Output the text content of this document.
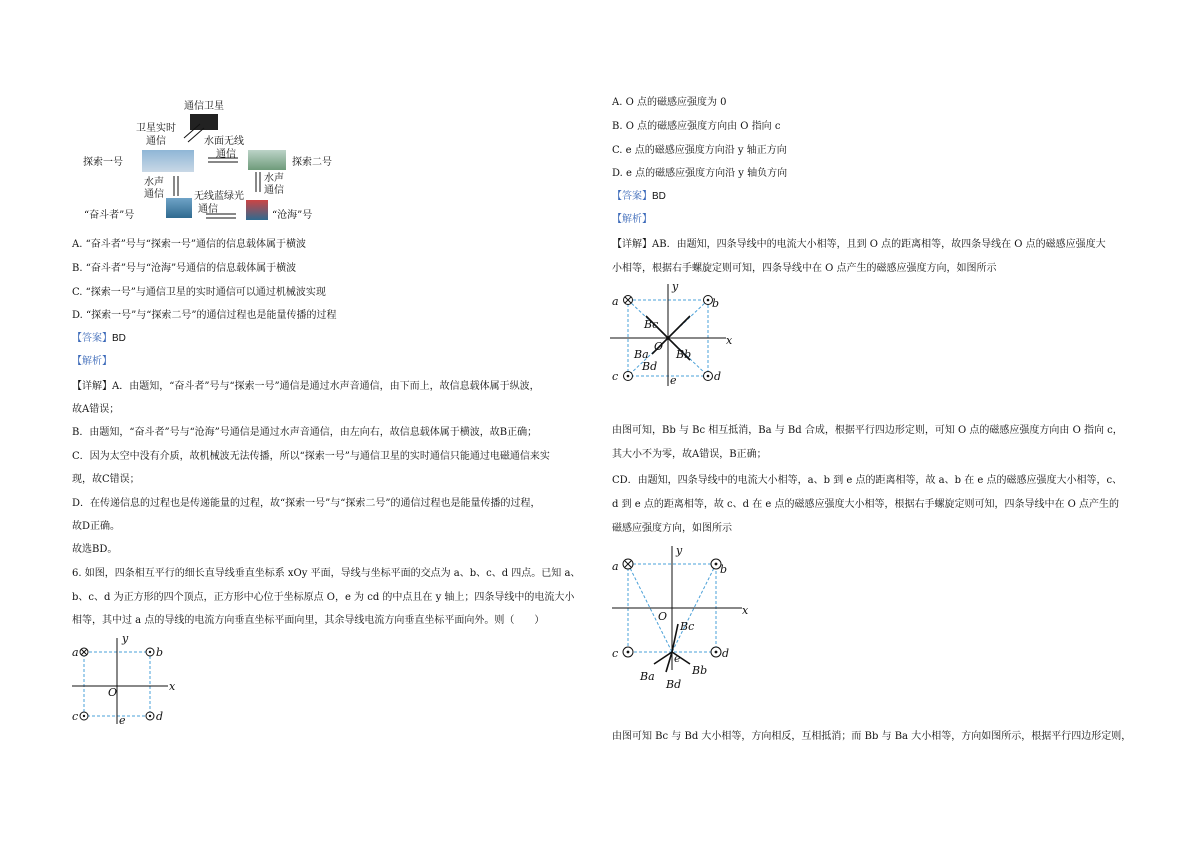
通信卫星
卫星实时
通信	水面无线
通信
探索一号	探索二号
水声
通信
水声
通信
无线蓝绿光
通信
“奋斗者”号	“沧海”号
A. “奋斗者”号与“探索一号”通信的信息载体属于横波
B. “奋斗者”号与“沧海”号通信的信息载体属于横波
C. “探索一号”与通信卫星的实时通信可以通过机械波实现
D. “探索一号”与“探索二号”的通信过程也是能量传播的过程
【答案】BD
【解析】
【详解】A．由题知，“奋斗者”号与“探索一号”通信是通过水声音通信，由下而上，故信息载体属于纵波，
故A错误；
B．由题知，“奋斗者”号与“沧海”号通信是通过水声音通信，由左向右，故信息载体属于横波，故B正确；
C．因为太空中没有介质，故机械波无法传播，所以“探索一号”与通信卫星的实时通信只能通过电磁通信来实
现，故C错误；
D．在传递信息的过程也是传递能量的过程，故“探索一号”与“探索二号”的通信过程也是能量传播的过程，
故D正确。
故选BD。
6. 如图，四条相互平行的细长直导线垂直坐标系 xOy 平面，导线与坐标平面的交点为 a、b、c、d 四点。已知 a、
b、c、d 为正方形的四个顶点，正方形中心位于坐标原点 O，e 为 cd 的中点且在 y 轴上；四条导线中的电流大小
相等，其中过 a 点的导线的电流方向垂直坐标平面向里，其余导线电流方向垂直坐标平面向外。则（　　）
a	b
c	d
e
O	x
y
A. O 点的磁感应强度为 0
B. O 点的磁感应强度方向由 O 指向 c
C. e 点的磁感应强度方向沿 y 轴正方向
D. e 点的磁感应强度方向沿 y 轴负方向
【答案】BD
【解析】
【详解】AB．由题知，四条导线中的电流大小相等，且到 O 点的距离相等，故四条导线在 O 点的磁感应强度大
小相等，根据右手螺旋定则可知，四条导线中在 O 点产生的磁感应强度方向，如图所示
a	b
c	d
e
O	x
y
Bc
Bb
Ba
Bd
由图可知，Bb 与 Bc 相互抵消，Ba 与 Bd 合成，根据平行四边形定则，可知 O 点的磁感应强度方向由 O 指向 c，
其大小不为零，故A错误，B正确；
CD．由题知，四条导线中的电流大小相等，a、b 到 e 点的距离相等，故 a、b 在 e 点的磁感应强度大小相等，c、
d 到 e 点的距离相等，故 c、d 在 e 点的磁感应强度大小相等，根据右手螺旋定则可知，四条导线中在 O 点产生的
磁感应强度方向，如图所示
a	b
c	d
e
O	x
y
Bc
Bb
Ba
Bd
由图可知 Bc 与 Bd 大小相等，方向相反，互相抵消；而 Bb 与 Ba 大小相等，方向如图所示，根据平行四边形定则，
